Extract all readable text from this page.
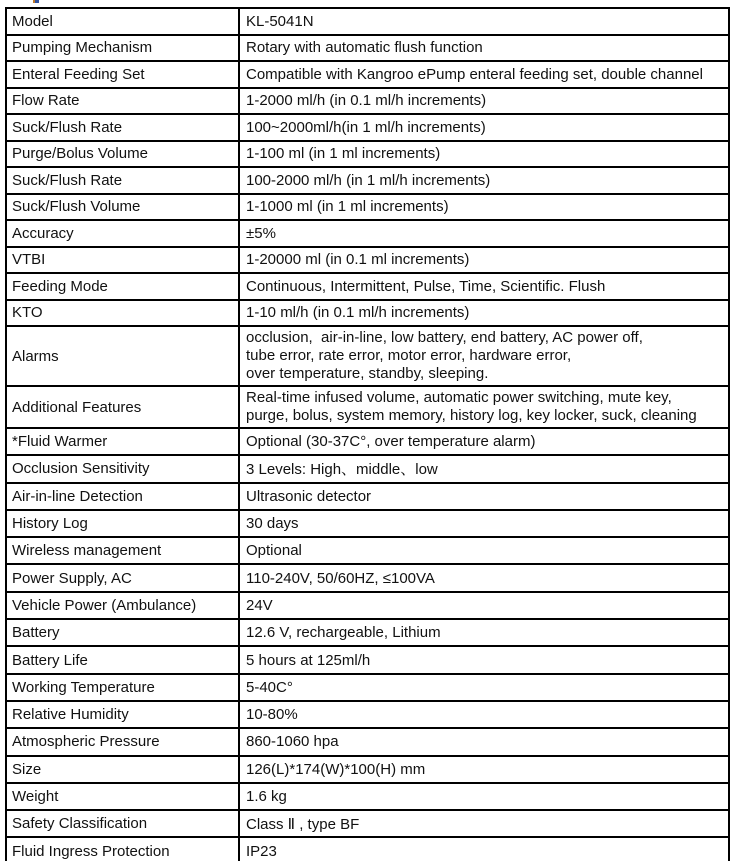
Model	KL-5041N
Pumping Mechanism	Rotary with automatic flush function
Enteral Feeding Set	Compatible with Kangroo ePump enteral feeding set, double channel
Flow Rate	1-2000 ml/h (in 0.1 ml/h increments)
Suck/Flush Rate	100~2000ml/h(in 1 ml/h increments)
Purge/Bolus Volume	1-100 ml (in 1 ml increments)
Suck/Flush Rate	100-2000 ml/h (in 1 ml/h increments)
Suck/Flush Volume	1-1000 ml (in 1 ml increments)
Accuracy	±5%
VTBI	1-20000 ml (in 0.1 ml increments)
Feeding Mode	Continuous, Intermittent, Pulse, Time, Scientific. Flush
KTO	1-10 ml/h (in 0.1 ml/h increments)
Alarms	occlusion,  air-in-line, low battery, end battery, AC power off,
tube error, rate error, motor error, hardware error,
over temperature, standby, sleeping.

Additional Features	Real-time infused volume, automatic power switching, mute key,
purge, bolus, system memory, history log, key locker, suck, cleaning

*Fluid Warmer	Optional (30-37C°, over temperature alarm)
Occlusion Sensitivity	3 Levels: High、middle、low
Air-in-line Detection	Ultrasonic detector
History Log	30 days
Wireless management	Optional
Power Supply, AC	110-240V, 50/60HZ, ≤100VA
Vehicle Power (Ambulance)	24V
Battery	12.6 V, rechargeable, Lithium
Battery Life	5 hours at 125ml/h
Working Temperature	5-40C°
Relative Humidity	10-80%
Atmospheric Pressure	860-1060 hpa
Size	126(L)*174(W)*100(H) mm
Weight	1.6 kg
Safety Classification	Class Ⅱ , type BF
Fluid Ingress Protection	IP23
